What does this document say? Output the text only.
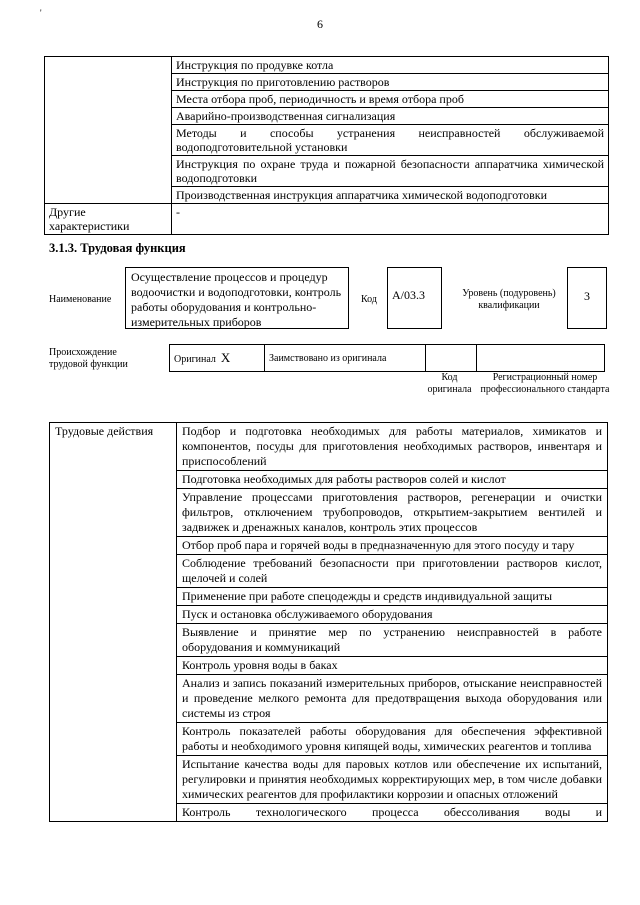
'
6
	Инструкция по продувке котла
	Инструкция по приготовлению растворов
	Места отбора проб, периодичность и время отбора проб
	Аварийно-производственная сигнализация
	Методы и способы устранения неисправностей обслуживаемой водоподготовительной установки
	Инструкция по охране труда и пожарной безопасности аппаратчика химической водоподготовки
	Производственная инструкция аппаратчика химической водоподготовки
Другие характеристики	-
3.1.3. Трудовая функция
Наименование
Осуществление процессов и процедур водоочистки и водоподготовки, контроль работы оборудования и контрольно-измерительных приборов
Код	A/03.3	Уровень (подуровень) квалификации
3
Происхождение трудовой функции	Оригинал X	Заимствовано из оригинала		
Код оригинала
Регистрационный номер профессионального стандарта
Трудовые действия	Подбор и подготовка необходимых для работы материалов, химикатов и компонентов, посуды для приготовления необходимых растворов, инвентаря и приспособлений
Подготовка необходимых для работы растворов солей и кислот
Управление процессами приготовления растворов, регенерации и очистки фильтров, отключением трубопроводов, открытием-закрытием вентилей и задвижек и дренажных каналов, контроль этих процессов
Отбор проб пара и горячей воды в предназначенную для этого посуду и тару
Соблюдение требований безопасности при приготовлении растворов кислот, щелочей и солей
Применение при работе спецодежды и средств индивидуальной защиты
Пуск и остановка обслуживаемого оборудования
Выявление и принятие мер по устранению неисправностей в работе оборудования и коммуникаций
Контроль уровня воды в баках
Анализ и запись показаний измерительных приборов, отыскание неисправностей и проведение мелкого ремонта для предотвращения выхода оборудования или системы из строя
Контроль показателей работы оборудования для обеспечения эффективной работы и необходимого уровня кипящей воды, химических реагентов и топлива
Испытание качества воды для паровых котлов или обеспечение их испытаний, регулировки и принятия необходимых корректирующих мер, в том числе добавки химических реагентов для профилактики коррозии и опасных отложений
Контроль технологического процесса обессоливания воды и
